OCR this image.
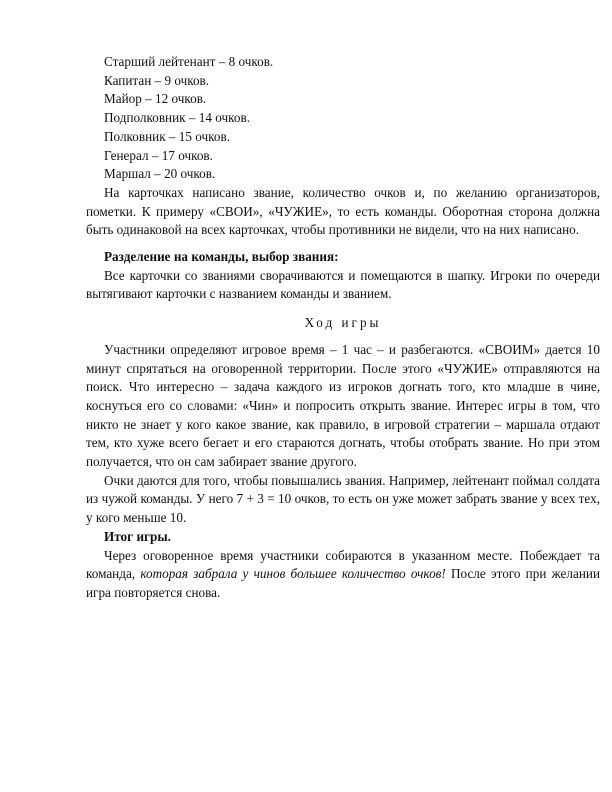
Старший лейтенант – 8 очков.
Капитан – 9 очков.
Майор – 12 очков.
Подполковник – 14 очков.
Полковник – 15 очков.
Генерал – 17 очков.
Маршал – 20 очков.

На карточках написано звание, количество очков и, по желанию организаторов, пометки. К примеру «СВОИ», «ЧУЖИЕ», то есть команды. Оборотная сторона должна быть одинаковой на всех карточках, чтобы противники не видели, что на них написано.

Разделение на команды, выбор звания:

Все карточки со званиями сворачиваются и помещаются в шапку. Игроки по очереди вытягивают карточки с названием команды и званием.

Ход игры

Участники определяют игровое время – 1 час – и разбегаются. «СВОИМ» дается 10 минут спрятаться на оговоренной территории. После этого «ЧУЖИЕ» отправляются на поиск. Что интересно – задача каждого из игроков догнать того, кто младше в чине, коснуться его со словами: «Чин» и попросить открыть звание. Интерес игры в том, что никто не знает у кого какое звание, как правило, в игровой стратегии – маршала отдают тем, кто хуже всего бегает и его стараются догнать, чтобы отобрать звание. Но при этом получается, что он сам забирает звание другого.

Очки даются для того, чтобы повышались звания. Например, лейтенант поймал солдата из чужой команды. У него 7 + 3 = 10 очков, то есть он уже может забрать звание у всех тех, у кого меньше 10.

Итог игры.

Через оговоренное время участники собираются в указанном месте. Побеждает та команда, которая забрала у чинов большее количество очков! После этого при желании игра повторяется снова.
